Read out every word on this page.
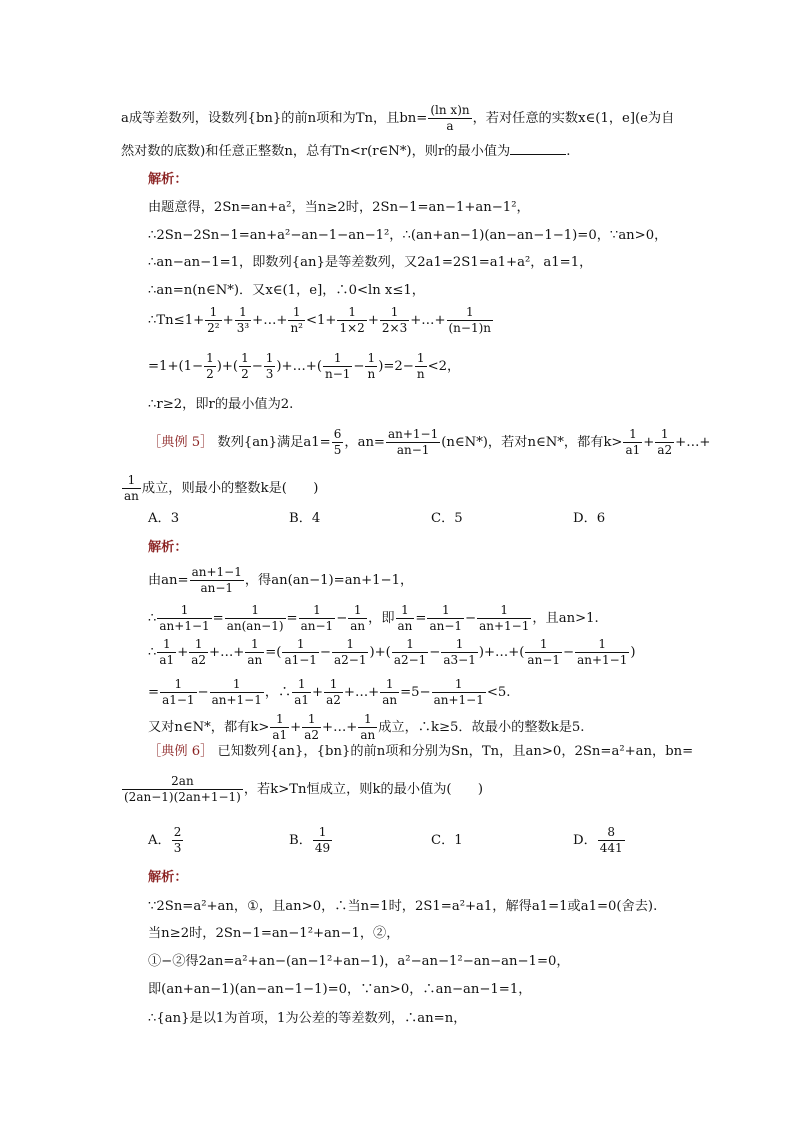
a成等差数列，设数列{bn}的前n项和为Tn，且$bn= \frac{\text{(ln x)n}}{a}$ ，若对任意的实数x∈(1，e](e为自
然对数的底数)和任意正整数n，总有Tn<r(r∈N*)，则r的最小值为	.
解析：
由题意得，2Sn=an+a²，当n≥2时，2Sn−1=an−1+an−1²，
∴2Sn−2Sn−1=an+a²−an−1−an−1²，∴(an+an−1)(an−an−1−1)=0，∵an>0，
∴an−an−1=1，即数列{an}是等差数列，又2a1=2S1=a1+a²，a1=1，
∴an=n(n∈N*)．又x∈(1，e]，∴0<ln x≤1，
∴Tn≤1+ $\frac{1}{\text{2²}} + \frac{1}{\text{3³}}$ +…+ $\frac{1}{\text{n²}} <1+ \frac{1}{1\times 2} + \frac{1}{2\times 3}$ +…+ $\frac{1}{(n-1)n}$
$=1+(1- \frac{1}{2}$ )+( $\frac{1}{2} - \frac{1}{3}$ )+…+( $\frac{1}{n-1} - \frac{1}{n} )=2- \frac{1}{n} <2$，
∴r≥2，即r的最小值为2.
［典例 5］ 数列{an}满足$a1= \frac{6}{5}$ ，$an= \frac{an+1-1}{an-1}$ (n∈N*)，若对n∈N*，都有$k> \frac{1}{a1} + \frac{1}{a2}$ +…+
$\frac{1}{an}$ 成立，则最小的整数k是(　　)
A．3	B．4	C．5	D．6
解析：
由$an= \frac{an+1-1}{an-1}$ ，得an(an−1)=an+1−1，
∴ $\frac{1}{an+1-1} = \frac{1}{an(an-1)} = \frac{1}{an-1} - \frac{1}{an}$ ，即 $\frac{1}{an} = \frac{1}{an-1} - \frac{1}{an+1-1}$ ，且an>1.
∴ $\frac{1}{a1} + \frac{1}{a2}$ +…+ $\frac{1}{an}$ =( $\frac{1}{a1-1} - \frac{1}{a2-1}$ )+( $\frac{1}{a2-1} - \frac{1}{a3-1}$ )+…+( $\frac{1}{an-1} - \frac{1}{an+1-1}$ )
= $\frac{1}{a1-1} - \frac{1}{an+1-1}$ ，∴ $\frac{1}{a1} + \frac{1}{a2}$ +…+ $\frac{1}{an} =5- \frac{1}{an+1-1} <5$.
又对n∈N*，都有$k> \frac{1}{a1} + \frac{1}{a2}$ +…+ $\frac{1}{an}$ 成立，∴k≥5．故最小的整数k是5.
［典例 6］ 已知数列{an}，{bn}的前n项和分别为Sn，Tn，且an>0，2Sn=a²+an，bn=
$\frac{2an}{(2an-1)(2an+1-1)}$ ，若k>Tn恒成立，则k的最小值为(　　)
A． $\frac{2}{3}$	B． $\frac{1}{49}$	C．1	D． $\frac{8}{441}$
解析：
∵2Sn=a²+an，①，且an>0，∴当n=1时，2S1=a²+a1，解得a1=1或a1=0(舍去).
当n≥2时，2Sn−1=an−1²+an−1，②，
①−②得2an=a²+an−(an−1²+an−1)，a²−an−1²−an−an−1=0，
即(an+an−1)(an−an−1−1)=0，∵an>0，∴an−an−1=1，
∴{an}是以1为首项，1为公差的等差数列，∴an=n，
